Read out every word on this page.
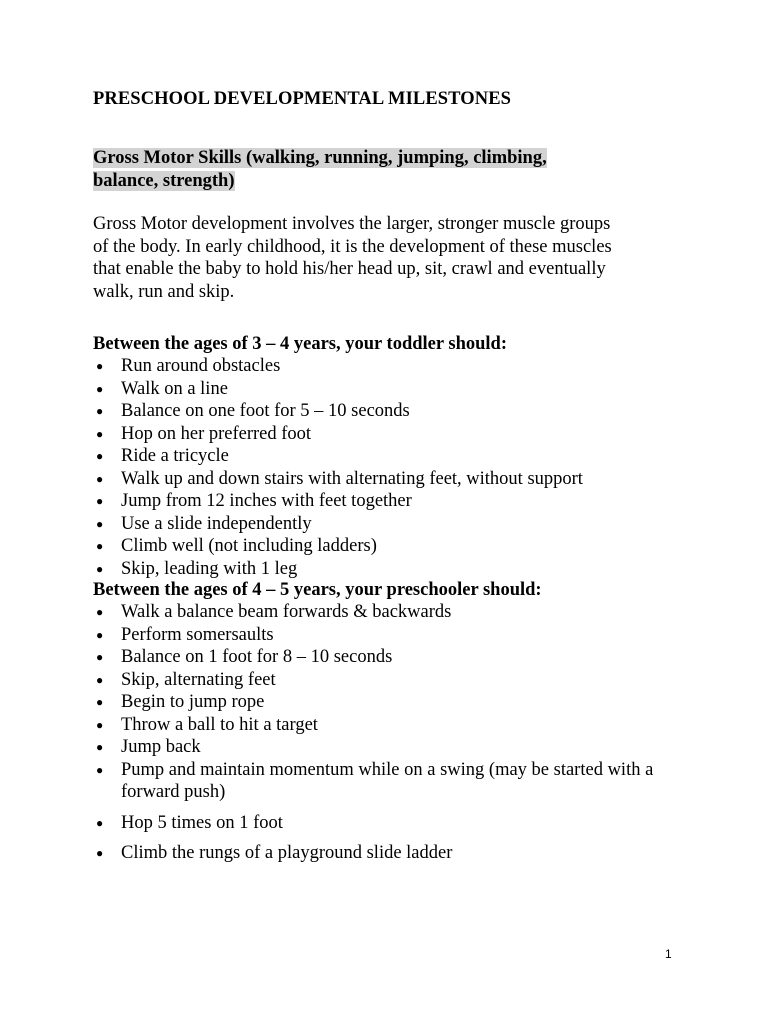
PRESCHOOL DEVELOPMENTAL MILESTONES
Gross Motor Skills (walking, running, jumping, climbing,
balance, strength)
Gross Motor development involves the larger, stronger muscle groups
of the body. In early childhood, it is the development of these muscles
that enable the baby to hold his/her head up, sit, crawl and eventually
walk, run and skip.
Between the ages of 3 – 4 years, your toddler should:
● Run around obstacles
● Walk on a line
● Balance on one foot for 5 – 10 seconds
● Hop on her preferred foot
● Ride a tricycle
● Walk up and down stairs with alternating feet, without support
● Jump from 12 inches with feet together
● Use a slide independently
● Climb well (not including ladders)
● Skip, leading with 1 leg
Between the ages of 4 – 5 years, your preschooler should:
● Walk a balance beam forwards & backwards
● Perform somersaults
● Balance on 1 foot for 8 – 10 seconds
● Skip, alternating feet
● Begin to jump rope
● Throw a ball to hit a target
● Jump back
● Pump and maintain momentum while on a swing (may be started with a forward push)
● Hop 5 times on 1 foot
● Climb the rungs of a playground slide ladder
1
